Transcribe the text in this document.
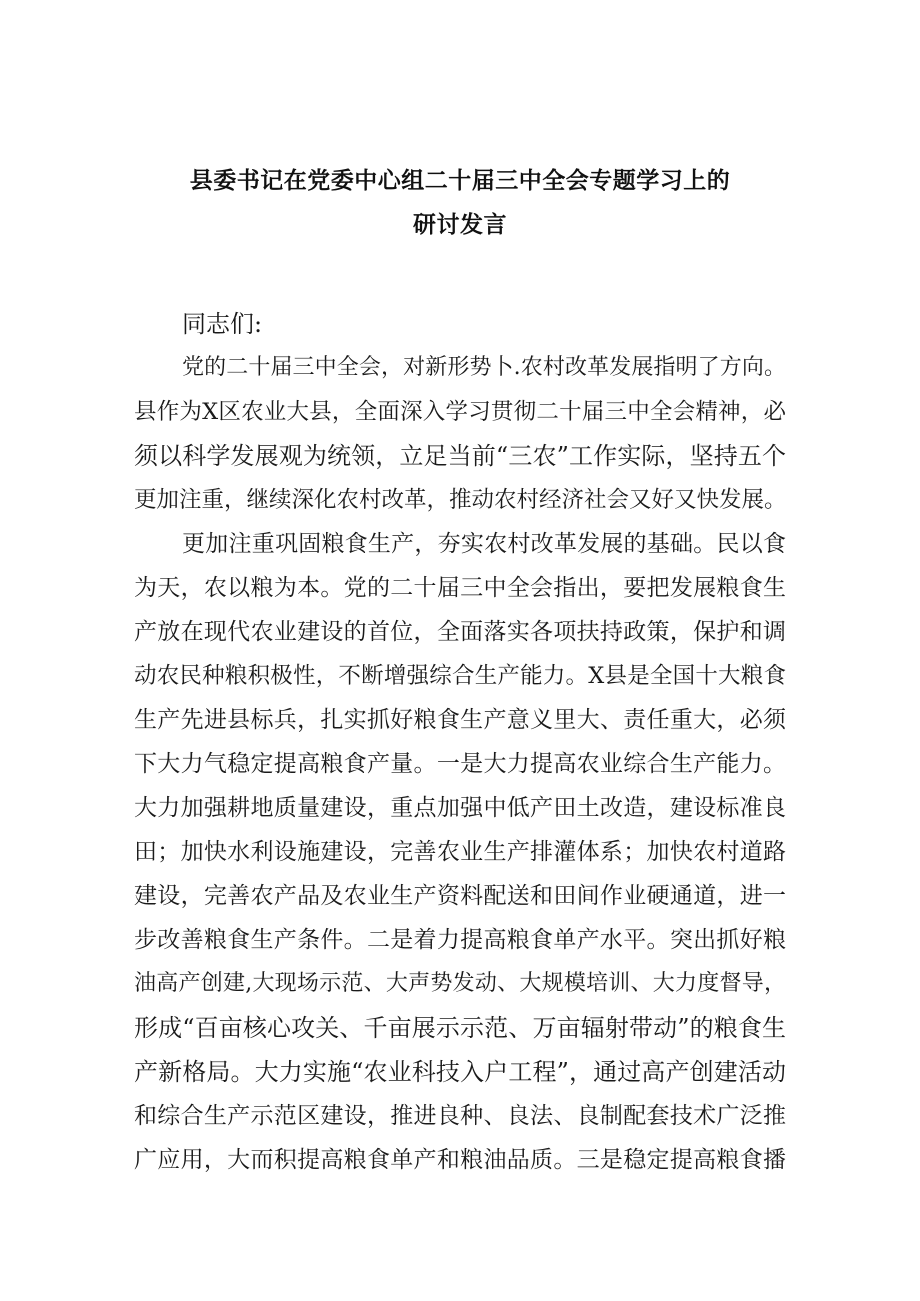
县委书记在党委中心组二十届三中全会专题学习上的
研讨发言
同志们:
党的二十届三中全会，对新形势卜.农村改革发展指明了方向。
县作为X区农业大县，全面深入学习贯彻二十届三中全会精神，必
须以科学发展观为统领，立足当前“三农”工作实际，坚持五个
更加注重，继续深化农村改革，推动农村经济社会又好又快发展。
更加注重巩固粮食生产，夯实农村改革发展的基础。民以食
为天，农以粮为本。党的二十届三中全会指出，要把发展粮食生
产放在现代农业建设的首位，全面落实各项扶持政策，保护和调
动农民种粮积极性，不断增强综合生产能力。X县是全国十大粮食
生产先进县标兵，扎实抓好粮食生产意义里大、责任重大，必须
下大力气稳定提高粮食产量。一是大力提高农业综合生产能力。
大力加强耕地质量建设，重点加强中低产田土改造，建设标准良
田；加快水利设施建设，完善农业生产排灌体系；加快农村道路
建设，完善农产品及农业生产资料配送和田间作业硬通道，进一
步改善粮食生产条件。二是着力提高粮食单产水平。突出抓好粮
油高产创建,大现场示范、大声势发动、大规模培训、大力度督导，
形成“百亩核心攻关、千亩展示示范、万亩辐射带动”的粮食生
产新格局。大力实施“农业科技入户工程”，通过高产创建活动
和综合生产示范区建设，推进良种、良法、良制配套技术广泛推
广应用，大而积提高粮食单产和粮油品质。三是稳定提高粮食播
